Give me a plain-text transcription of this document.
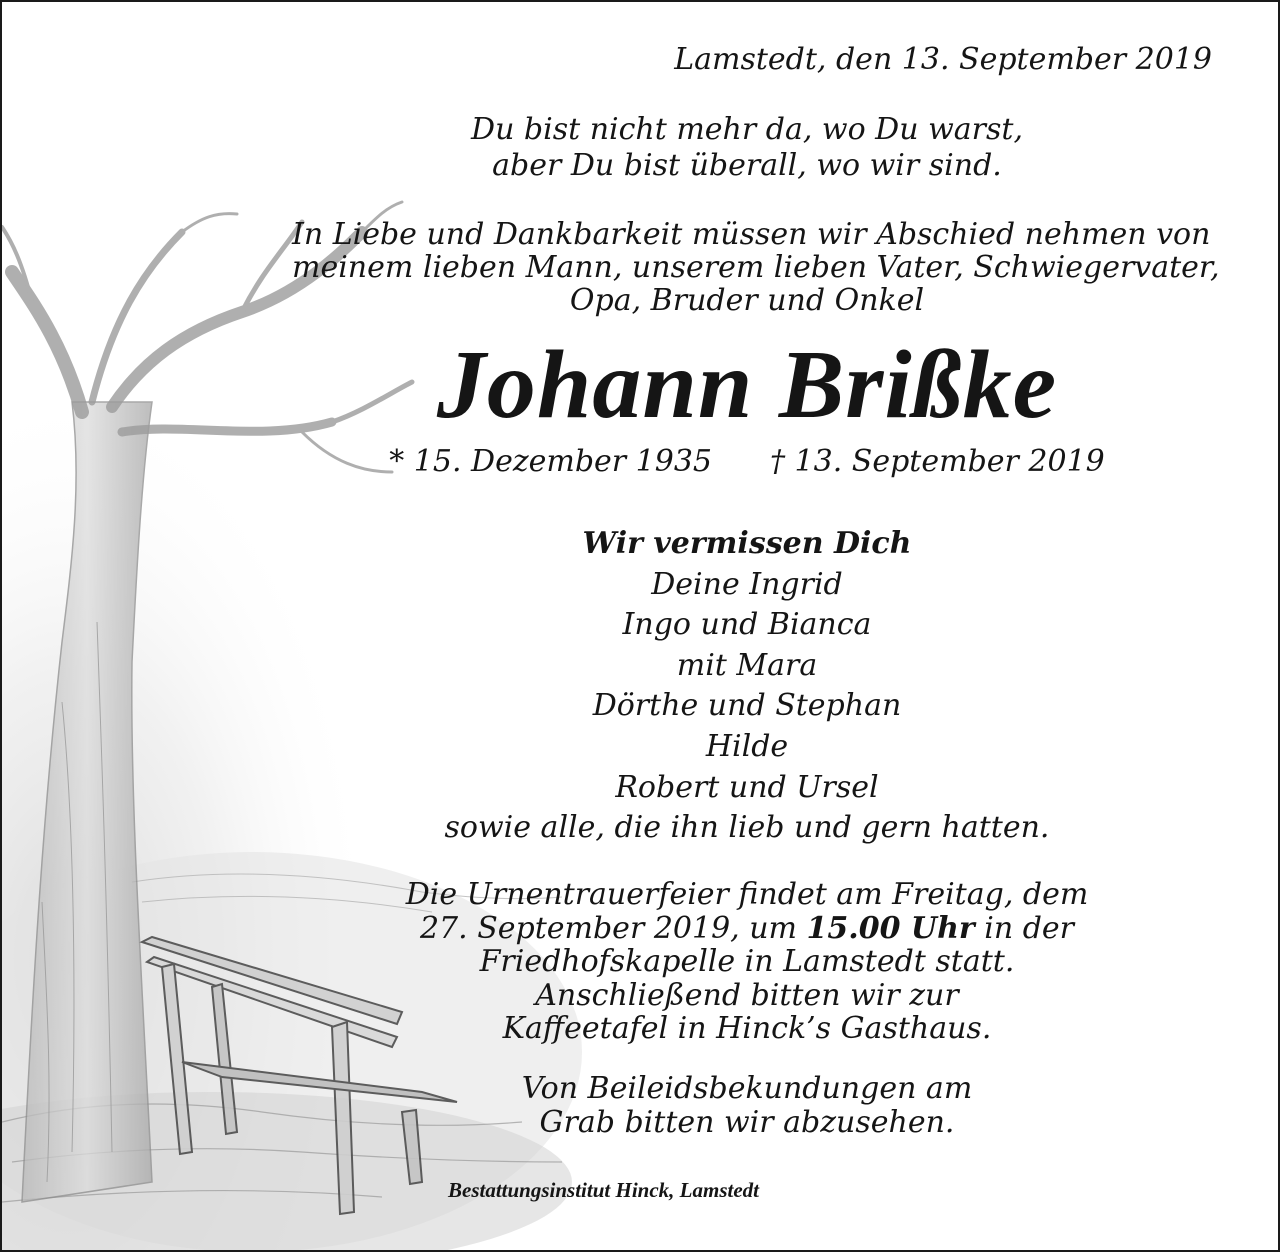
Lamstedt, den 13. September 2019
Du bist nicht mehr da, wo Du warst,
aber Du bist überall, wo wir sind.
In Liebe und Dankbarkeit müssen wir Abschied nehmen von
meinem lieben Mann, unserem lieben Vater, Schwiegervater,
Opa, Bruder und Onkel
Johann Brißke
* 15. Dezember 1935 † 13. September 2019
Wir vermissen Dich
Deine Ingrid
Ingo und Bianca
mit Mara
Dörthe und Stephan
Hilde
Robert und Ursel
sowie alle, die ihn lieb und gern hatten.
Die Urnentrauerfeier findet am Freitag, dem
27. September 2019, um 15.00 Uhr in der
Friedhofskapelle in Lamstedt statt.
Anschließend bitten wir zur
Kaffeetafel in Hinck’s Gasthaus.
Von Beileidsbekundungen am
Grab bitten wir abzusehen.
Bestattungsinstitut Hinck, Lamstedt
